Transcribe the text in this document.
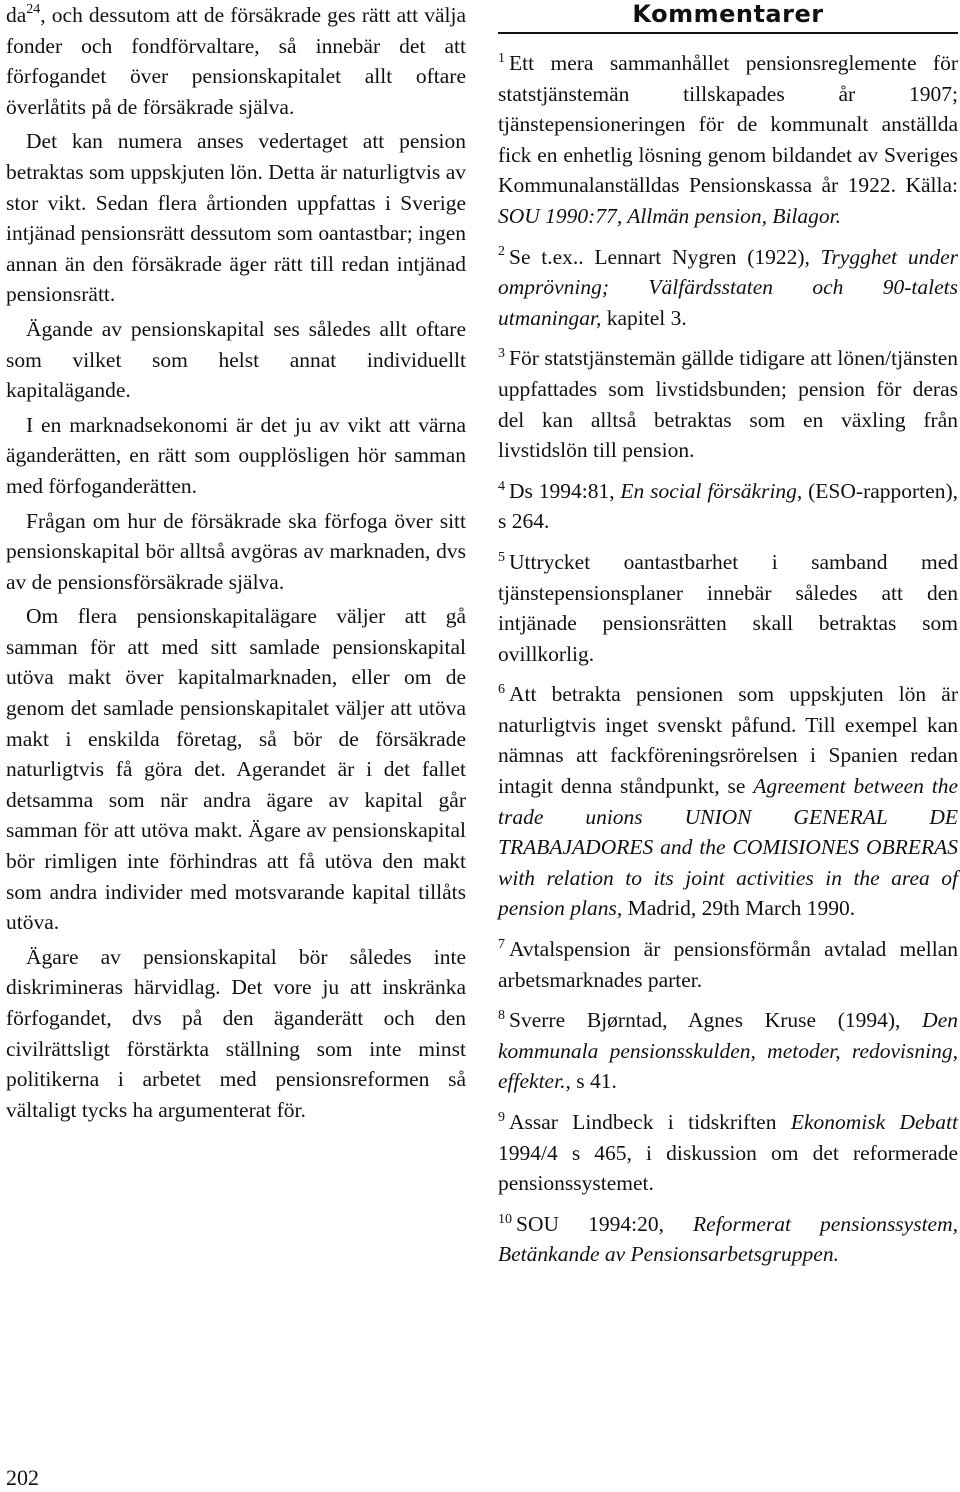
$da^{24}$, och dessutom att de försäkrade ges rätt att välja fonder och fondförvaltare, så innebär det att förfogandet över pensionskapitalet allt oftare överlåtits på de försäkrade själva.

Det kan numera anses vedertaget att pension betraktas som uppskjuten lön. Detta är naturligtvis av stor vikt. Sedan flera årtionden uppfattas i Sverige intjänad pensionsrätt dessutom som oantastbar; ingen annan än den försäkrade äger rätt till redan intjänad pensionsrätt.

Ägande av pensionskapital ses således allt oftare som vilket som helst annat individuellt kapitalägande.

I en marknadsekonomi är det ju av vikt att värna äganderätten, en rätt som oupplösligen hör samman med förfoganderätten.

Frågan om hur de försäkrade ska förfoga över sitt pensionskapital bör alltså avgöras av marknaden, dvs av de pensionsförsäkrade själva.

Om flera pensionskapitalägare väljer att gå samman för att med sitt samlade pensionskapital utöva makt över kapitalmarknaden, eller om de genom det samlade pensionskapitalet väljer att utöva makt i enskilda företag, så bör de försäkrade naturligtvis få göra det. Agerandet är i det fallet detsamma som när andra ägare av kapital går samman för att utöva makt. Ägare av pensionskapital bör rimligen inte förhindras att få utöva den makt som andra individer med motsvarande kapital tillåts utöva.

Ägare av pensionskapital bör således inte diskrimineras härvidlag. Det vore ju att inskränka förfogandet, dvs på den äganderätt och den civilrättsligt förstärkta ställning som inte minst politikerna i arbetet med pensionsreformen så vältaligt tycks ha argumenterat för.

Kommentarer

$^1$ Ett mera sammanhållet pensionsreglemente för statstjänstemän tillskapades år 1907; tjänstepensioneringen för de kommunalt anställda fick en enhetlig lösning genom bildandet av Sveriges Kommunalanställdas Pensionskassa år 1922. Källa: SOU 1990:77, Allmän pension, Bilagor.

$^2$ Se t.ex.. Lennart Nygren (1922), Trygghet under omprövning; Välfärdsstaten och 90-talets utmaningar, kapitel 3.

$^3$ För statstjänstemän gällde tidigare att lönen/tjänsten uppfattades som livstidsbunden; pension för deras del kan alltså betraktas som en växling från livstidslön till pension.

$^4$ Ds 1994:81, En social försäkring, (ESO-rapporten), s 264.

$^5$ Uttrycket oantastbarhet i samband med tjänstepensionsplaner innebär således att den intjänade pensionsrätten skall betraktas som ovillkorlig.

$^6$ Att betrakta pensionen som uppskjuten lön är naturligtvis inget svenskt påfund. Till exempel kan nämnas att fackföreningsrörelsen i Spanien redan intagit denna ståndpunkt, se Agreement between the trade unions UNION GENERAL DE TRABAJADORES and the COMISIONES OBRERAS with relation to its joint activities in the area of pension plans, Madrid, 29th March 1990.

$^7$ Avtalspension är pensionsförmån avtalad mellan arbetsmarknades parter.

$^8$ Sverre Bjørntad, Agnes Kruse (1994), Den kommunala pensionsskulden, metoder, redovisning, effekter., s 41.

$^9$ Assar Lindbeck i tidskriften Ekonomisk Debatt 1994/4 s 465, i diskussion om det reformerade pensionssystemet.

$^{10}$ SOU 1994:20, Reformerat pensionssystem, Betänkande av Pensionsarbetsgruppen.

202
